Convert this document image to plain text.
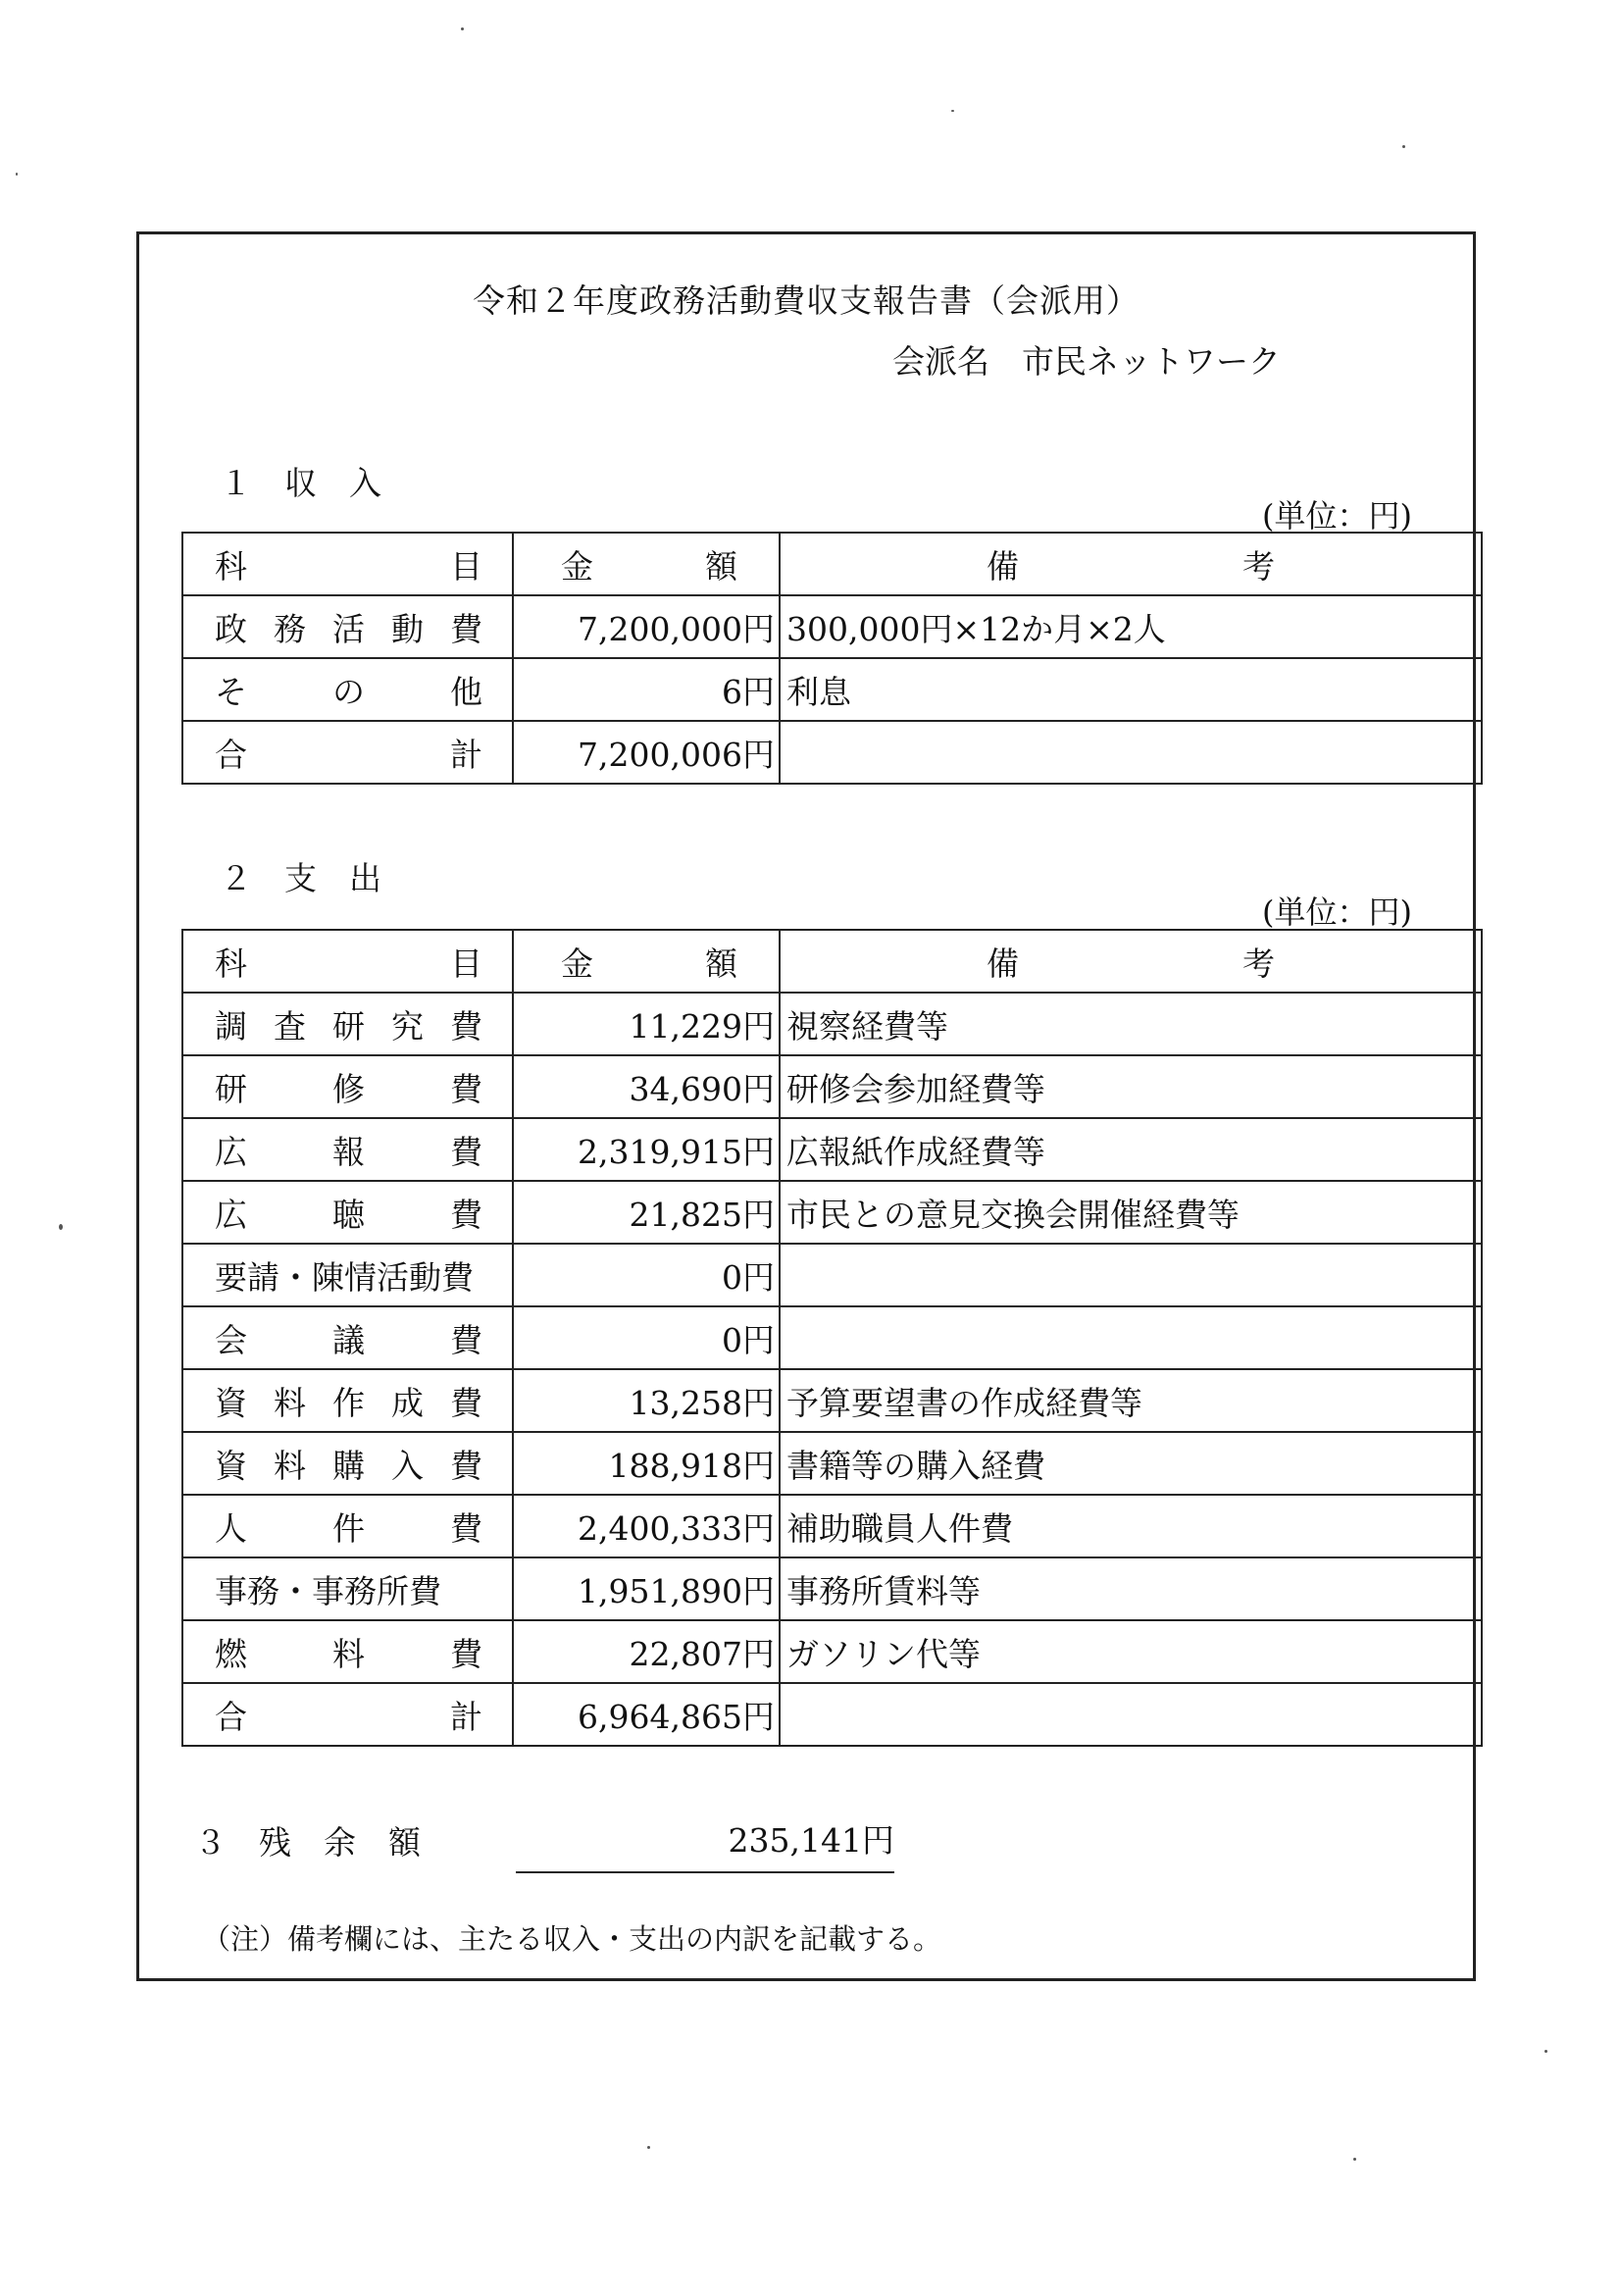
令和２年度政務活動費収支報告書（会派用）
会派名　 市民ネットワーク
１　収　入
(単位：円)
科目	金額	備考
政務活動費	7,200,000円	300,000円×12か月×2人
その他	6円	利息
合計	7,200,006円	
２　支　出
(単位：円)
科目	金額	備考
調査研究費	11,229円	視察経費等
研修費	34,690円	研修会参加経費等
広報費	2,319,915円	広報紙作成経費等
広聴費	21,825円	市民との意見交換会開催経費等
要請・陳情活動費	0円	
会議費	0円	
資料作成費	13,258円	予算要望書の作成経費等
資料購入費	188,918円	書籍等の購入経費
人件費	2,400,333円	補助職員人件費
事務・事務所費	1,951,890円	事務所賃料等
燃料費	22,807円	ガソリン代等
合計	6,964,865円	
３　残　余　額	235,141円
（注）備考欄には、主たる収入・支出の内訳を記載する。
